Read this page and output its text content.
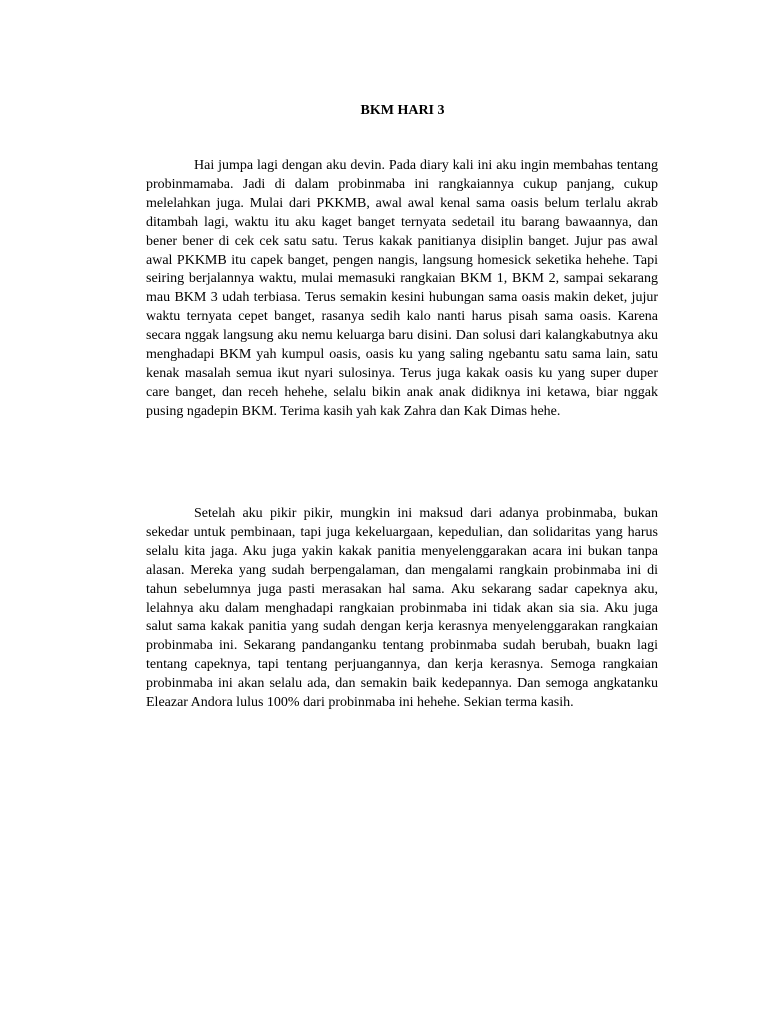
BKM HARI 3

Hai jumpa lagi dengan aku devin. Pada diary kali ini aku ingin membahas tentang probinmamaba. Jadi di dalam probinmaba ini rangkaiannya cukup panjang, cukup melelahkan juga. Mulai dari PKKMB, awal awal kenal sama oasis belum terlalu akrab ditambah lagi, waktu itu aku kaget banget ternyata sedetail itu barang bawaannya, dan bener bener di cek cek satu satu. Terus kakak panitianya disiplin banget. Jujur pas awal awal PKKMB itu capek banget, pengen nangis, langsung homesick seketika hehehe. Tapi seiring berjalannya waktu, mulai memasuki rangkaian BKM 1, BKM 2, sampai sekarang mau BKM 3 udah terbiasa. Terus semakin kesini hubungan sama oasis makin deket, jujur waktu ternyata cepet banget, rasanya sedih kalo nanti harus pisah sama oasis. Karena secara nggak langsung aku nemu keluarga baru disini. Dan solusi dari kalangkabutnya aku menghadapi BKM yah kumpul oasis, oasis ku yang saling ngebantu satu sama lain, satu kenak masalah semua ikut nyari sulosinya. Terus juga kakak oasis ku yang super duper care banget, dan receh hehehe, selalu bikin anak anak didiknya ini ketawa, biar nggak pusing ngadepin BKM. Terima kasih yah kak Zahra dan Kak Dimas hehe.

Setelah aku pikir pikir, mungkin ini maksud dari adanya probinmaba, bukan sekedar untuk pembinaan, tapi juga kekeluargaan, kepedulian, dan solidaritas yang harus selalu kita jaga. Aku juga yakin kakak panitia menyelenggarakan acara ini bukan tanpa alasan. Mereka yang sudah berpengalaman, dan mengalami rangkain probinmaba ini di tahun sebelumnya juga pasti merasakan hal sama. Aku sekarang sadar capeknya aku, lelahnya aku dalam menghadapi rangkaian probinmaba ini tidak akan sia sia. Aku juga salut sama kakak panitia yang sudah dengan kerja kerasnya menyelenggarakan rangkaian probinmaba ini. Sekarang pandanganku tentang probinmaba sudah berubah, buakn lagi tentang capeknya, tapi tentang perjuangannya, dan kerja kerasnya. Semoga rangkaian probinmaba ini akan selalu ada, dan semakin baik kedepannya. Dan semoga angkatanku Eleazar Andora lulus 100% dari probinmaba ini hehehe. Sekian terma kasih.
